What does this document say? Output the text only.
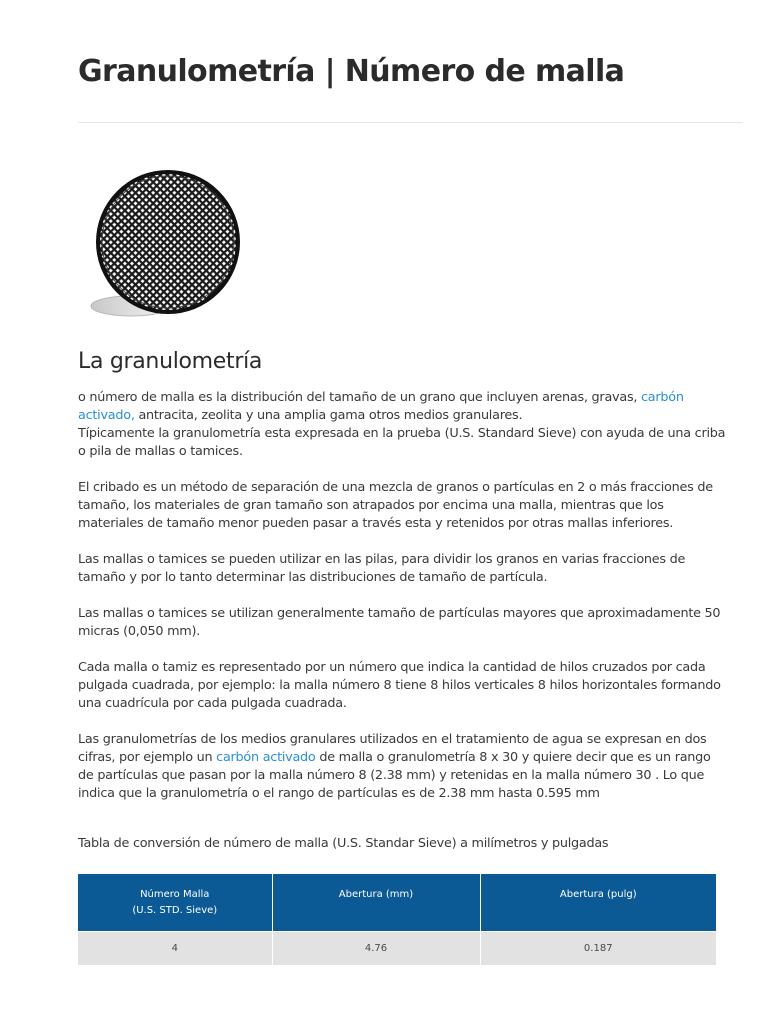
Granulometría | Número de malla
La granulometría

o número de malla es la distribución del tamaño de un grano que incluyen arenas, gravas, carbón activado, antracita, zeolita y una amplia gama otros medios granulares.

Típicamente la granulometría esta expresada en la prueba (U.S. Standard Sieve) con ayuda de una criba o pila de mallas o tamices.

El cribado es un método de separación de una mezcla de granos o partículas en 2 o más fracciones de tamaño, los materiales de gran tamaño son atrapados por encima una malla, mientras que los materiales de tamaño menor pueden pasar a través esta y retenidos por otras mallas inferiores.

Las mallas o tamices se pueden utilizar en las pilas, para dividir los granos en varias fracciones de tamaño y por lo tanto determinar las distribuciones de tamaño de partícula.

Las mallas o tamices se utilizan generalmente tamaño de partículas mayores que aproximadamente 50 micras (0,050 mm).

Cada malla o tamiz es representado por un número que indica la cantidad de hilos cruzados por cada pulgada cuadrada, por ejemplo: la malla número 8 tiene 8 hilos verticales 8 hilos horizontales formando una cuadrícula por cada pulgada cuadrada.

Las granulometrías de los medios granulares utilizados en el tratamiento de agua se expresan en dos cifras, por ejemplo un carbón activado de malla o granulometría 8 x 30 y quiere decir que es un rango de partículas que pasan por la malla número 8 (2.38 mm) y retenidas en la malla número 30 . Lo que indica que la granulometría o el rango de partículas es de 2.38 mm hasta 0.595 mm

Tabla de conversión de número de malla (U.S. Standar Sieve) a milímetros y pulgadas
Número Malla
(U.S. STD. Sieve)	Abertura (mm)	Abertura (pulg)
4	4.76	0.187
